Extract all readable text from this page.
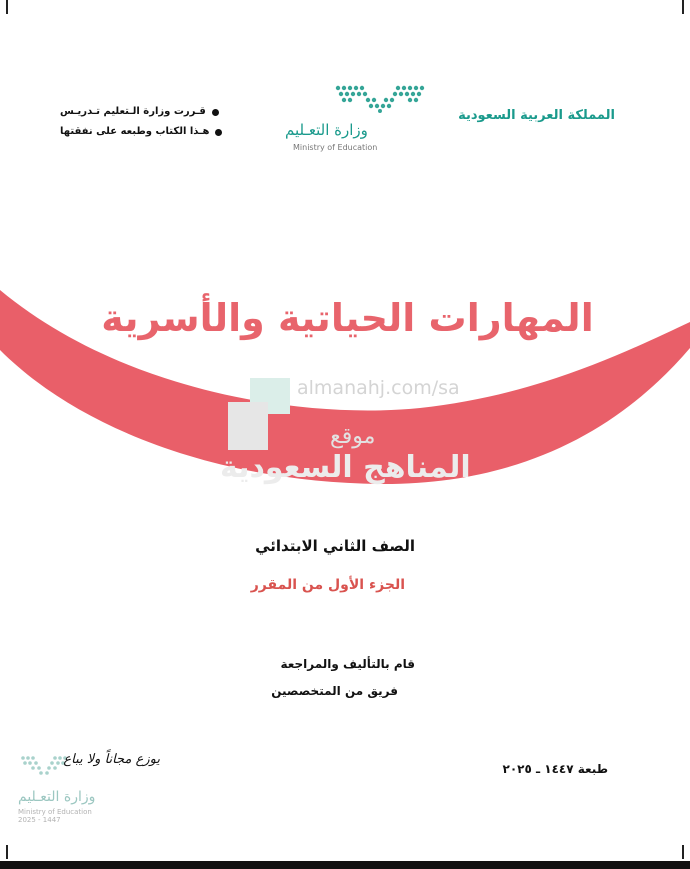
المملكة العربية السعودية
وزارة التعـليم
Ministry of Education
قـررت وزارة الـتعليم تـدريـس
هـذا الكتاب وطبعه على نفقتها
almanahj.com/sa
موقع
المناهج السعودية
المهارات الحياتية والأسرية
الصف الثاني الابتدائي
الجزء الأول من المقرر
قام بالتأليف والمراجعة
فريق من المتخصصين
طبعة ١٤٤٧ ـ ٢٠٢٥
يوزع مجاناً ولا يباع
وزارة التعـليم
Ministry of Education
2025 - 1447
